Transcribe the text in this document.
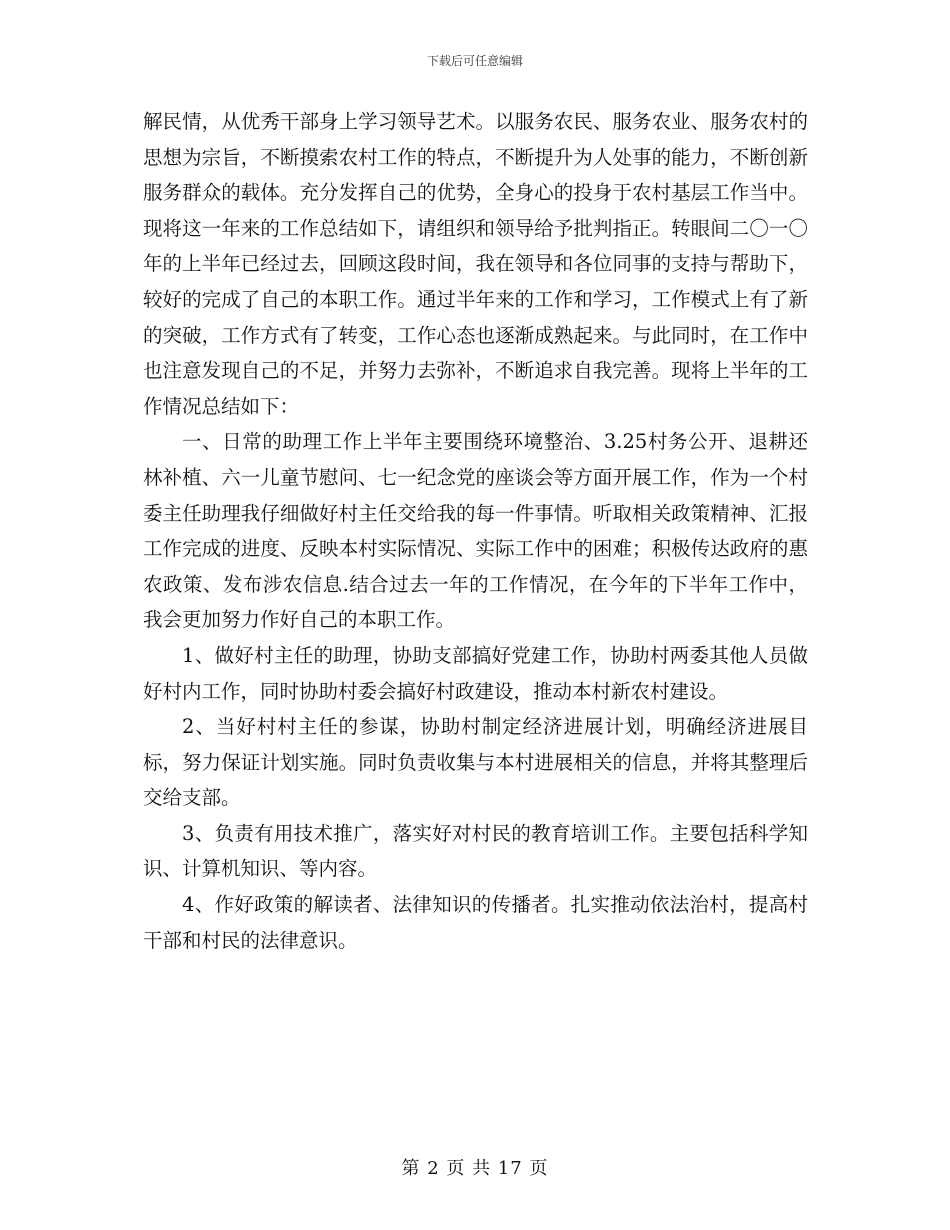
下载后可任意编辑

解民情，从优秀干部身上学习领导艺术。以服务农民、服务农业、服务农村的思想为宗旨，不断摸索农村工作的特点，不断提升为人处事的能力，不断创新服务群众的载体。充分发挥自己的优势，全身心的投身于农村基层工作当中。现将这一年来的工作总结如下，请组织和领导给予批判指正。转眼间二〇一〇年的上半年已经过去，回顾这段时间，我在领导和各位同事的支持与帮助下，较好的完成了自己的本职工作。通过半年来的工作和学习，工作模式上有了新的突破，工作方式有了转变，工作心态也逐渐成熟起来。与此同时，在工作中也注意发现自己的不足，并努力去弥补，不断追求自我完善。现将上半年的工作情况总结如下：

一、日常的助理工作上半年主要围绕环境整治、3.25村务公开、退耕还林补植、六一儿童节慰问、七一纪念党的座谈会等方面开展工作，作为一个村委主任助理我仔细做好村主任交给我的每一件事情。听取相关政策精神、汇报工作完成的进度、反映本村实际情况、实际工作中的困难；积极传达政府的惠农政策、发布涉农信息.结合过去一年的工作情况，在今年的下半年工作中，我会更加努力作好自己的本职工作。

1、做好村主任的助理，协助支部搞好党建工作，协助村两委其他人员做好村内工作，同时协助村委会搞好村政建设，推动本村新农村建设。

2、当好村村主任的参谋，协助村制定经济进展计划，明确经济进展目标，努力保证计划实施。同时负责收集与本村进展相关的信息，并将其整理后交给支部。

3、负责有用技术推广，落实好对村民的教育培训工作。主要包括科学知识、计算机知识、等内容。

4、作好政策的解读者、法律知识的传播者。扎实推动依法治村，提高村干部和村民的法律意识。

第 2 页 共 17 页
